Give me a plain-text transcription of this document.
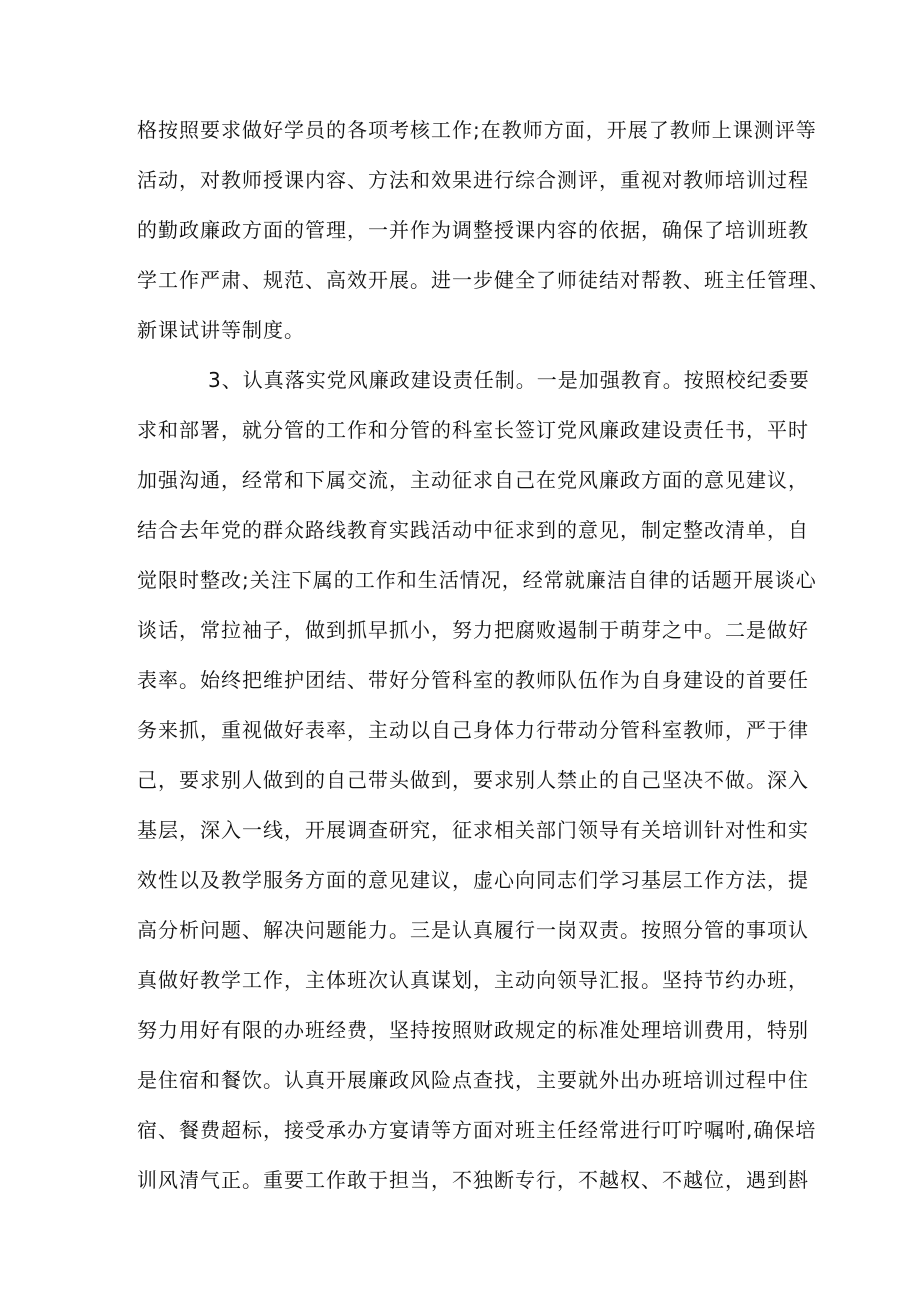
格按照要求做好学员的各项考核工作;在教师方面，开展了教师上课测评等
活动，对教师授课内容、方法和效果进行综合测评，重视对教师培训过程
的勤政廉政方面的管理，一并作为调整授课内容的依据，确保了培训班教
学工作严肃、规范、高效开展。进一步健全了师徒结对帮教、班主任管理、
新课试讲等制度。
3、认真落实党风廉政建设责任制。一是加强教育。按照校纪委要
求和部署，就分管的工作和分管的科室长签订党风廉政建设责任书，平时
加强沟通，经常和下属交流，主动征求自己在党风廉政方面的意见建议，
结合去年党的群众路线教育实践活动中征求到的意见，制定整改清单，自
觉限时整改;关注下属的工作和生活情况，经常就廉洁自律的话题开展谈心
谈话，常拉袖子，做到抓早抓小，努力把腐败遏制于萌芽之中。二是做好
表率。始终把维护团结、带好分管科室的教师队伍作为自身建设的首要任
务来抓，重视做好表率，主动以自己身体力行带动分管科室教师，严于律
己，要求别人做到的自己带头做到，要求别人禁止的自己坚决不做。深入
基层，深入一线，开展调查研究，征求相关部门领导有关培训针对性和实
效性以及教学服务方面的意见建议，虚心向同志们学习基层工作方法，提
高分析问题、解决问题能力。三是认真履行一岗双责。按照分管的事项认
真做好教学工作，主体班次认真谋划，主动向领导汇报。坚持节约办班，
努力用好有限的办班经费，坚持按照财政规定的标准处理培训费用，特别
是住宿和餐饮。认真开展廉政风险点查找，主要就外出办班培训过程中住
宿、餐费超标，接受承办方宴请等方面对班主任经常进行叮咛嘱咐,确保培
训风清气正。重要工作敢于担当，不独断专行，不越权、不越位，遇到斟
